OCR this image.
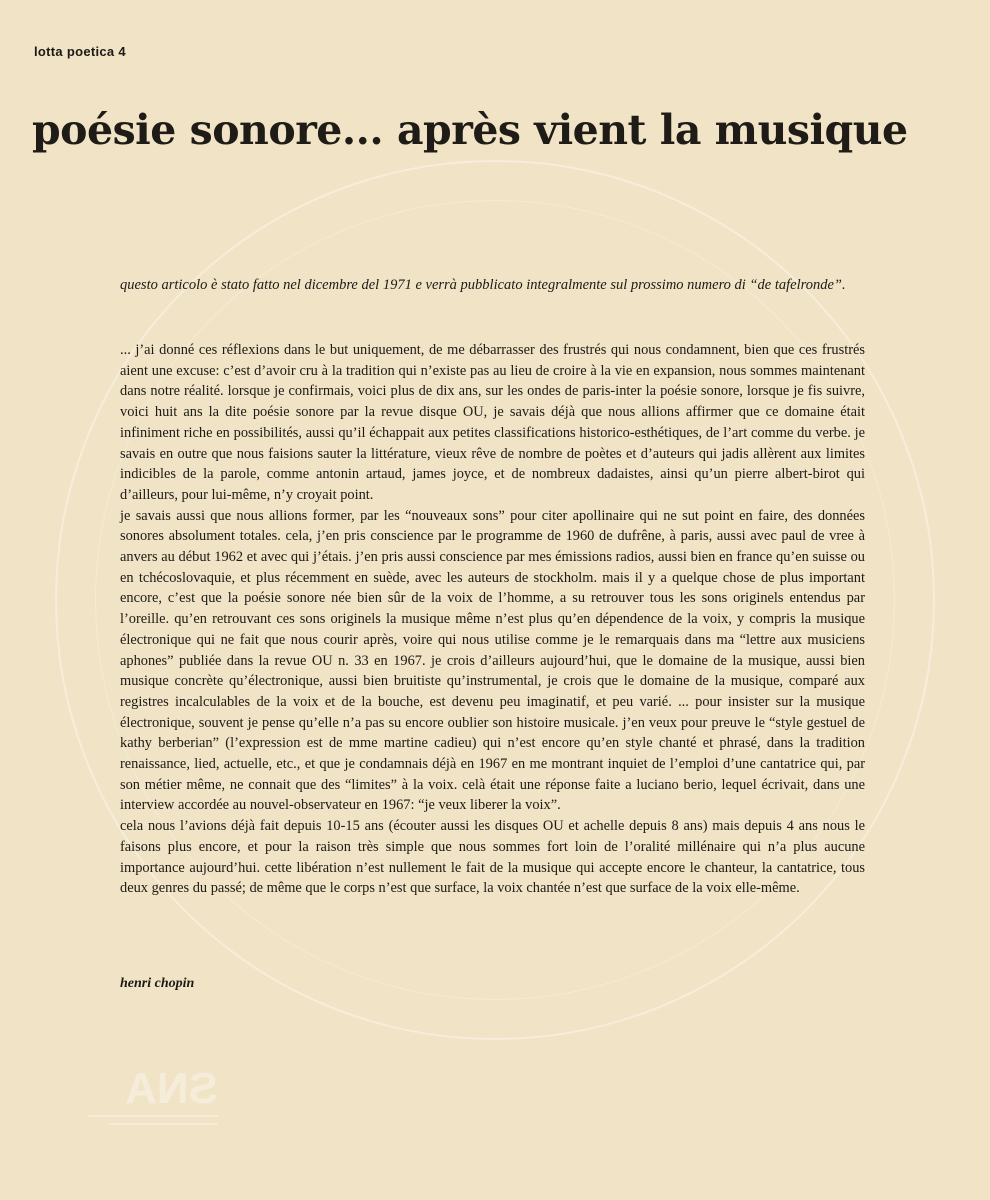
lotta poetica 4
poésie sonore... après vient la musique
questo articolo è stato fatto nel dicembre del 1971 e verrà pubblicato integralmente sul prossimo numero di “de tafelronde”.

... j’ai donné ces réflexions dans le but uniquement, de me débarrasser des frustrés qui nous condamnent, bien que ces frustrés aient une excuse: c’est d’avoir cru à la tradition qui n’existe pas au lieu de croire à la vie en expansion, nous sommes maintenant dans notre réalité. lorsque je confirmais, voici plus de dix ans, sur les ondes de paris-inter la poésie sonore, lorsque je fis suivre, voici huit ans la dite poésie sonore par la revue disque OU, je savais déjà que nous allions affirmer que ce domaine était infiniment riche en possibilités, aussi qu’il échappait aux petites classifications historico-esthétiques, de l’art comme du verbe. je savais en outre que nous faisions sauter la littérature, vieux rêve de nombre de poètes et d’auteurs qui jadis allèrent aux limites indicibles de la parole, comme antonin artaud, james joyce, et de nombreux dadaistes, ainsi qu’un pierre albert-birot qui d’ailleurs, pour lui-même, n’y croyait point.

je savais aussi que nous allions former, par les “nouveaux sons” pour citer apollinaire qui ne sut point en faire, des données sonores absolument totales. cela, j’en pris conscience par le programme de 1960 de dufrêne, à paris, aussi avec paul de vree à anvers au début 1962 et avec qui j’étais. j’en pris aussi conscience par mes émissions radios, aussi bien en france qu’en suisse ou en tchécoslovaquie, et plus récemment en suède, avec les auteurs de stockholm. mais il y a quelque chose de plus important encore, c’est que la poésie sonore née bien sûr de la voix de l’homme, a su retrouver tous les sons originels entendus par l’oreille. qu’en retrouvant ces sons originels la musique même n’est plus qu’en dépendence de la voix, y compris la musique électronique qui ne fait que nous courir après, voire qui nous utilise comme je le remarquais dans ma “lettre aux musiciens aphones” publiée dans la revue OU n. 33 en 1967. je crois d’ailleurs aujourd’hui, que le domaine de la musique, aussi bien musique concrète qu’électronique, aussi bien bruitiste qu’instrumental, je crois que le domaine de la musique, comparé aux registres incalculables de la voix et de la bouche, est devenu peu imaginatif, et peu varié. ... pour insister sur la musique électronique, souvent je pense qu’elle n’a pas su encore oublier son histoire musicale. j’en veux pour preuve le “style gestuel de kathy berberian” (l’expression est de mme martine cadieu) qui n’est encore qu’en style chanté et phrasé, dans la tradition renaissance, lied, actuelle, etc., et que je condamnais déjà en 1967 en me montrant inquiet de l’emploi d’une cantatrice qui, par son métier même, ne connait que des “limites” à la voix. celà était une réponse faite a luciano berio, lequel écrivait, dans une interview accordée au nouvel-observateur en 1967: “je veux liberer la voix”.

cela nous l’avions déjà fait depuis 10-15 ans (écouter aussi les disques OU et achelle depuis 8 ans) mais depuis 4 ans nous le faisons plus encore, et pour la raison très simple que nous sommes fort loin de l’oralité millénaire qui n’a plus aucune importance aujourd’hui. cette libération n’est nullement le fait de la musique qui accepte encore le chanteur, la cantatrice, tous deux genres du passé; de même que le corps n’est que surface, la voix chantée n’est que surface de la voix elle-même.

henri chopin
SNA
